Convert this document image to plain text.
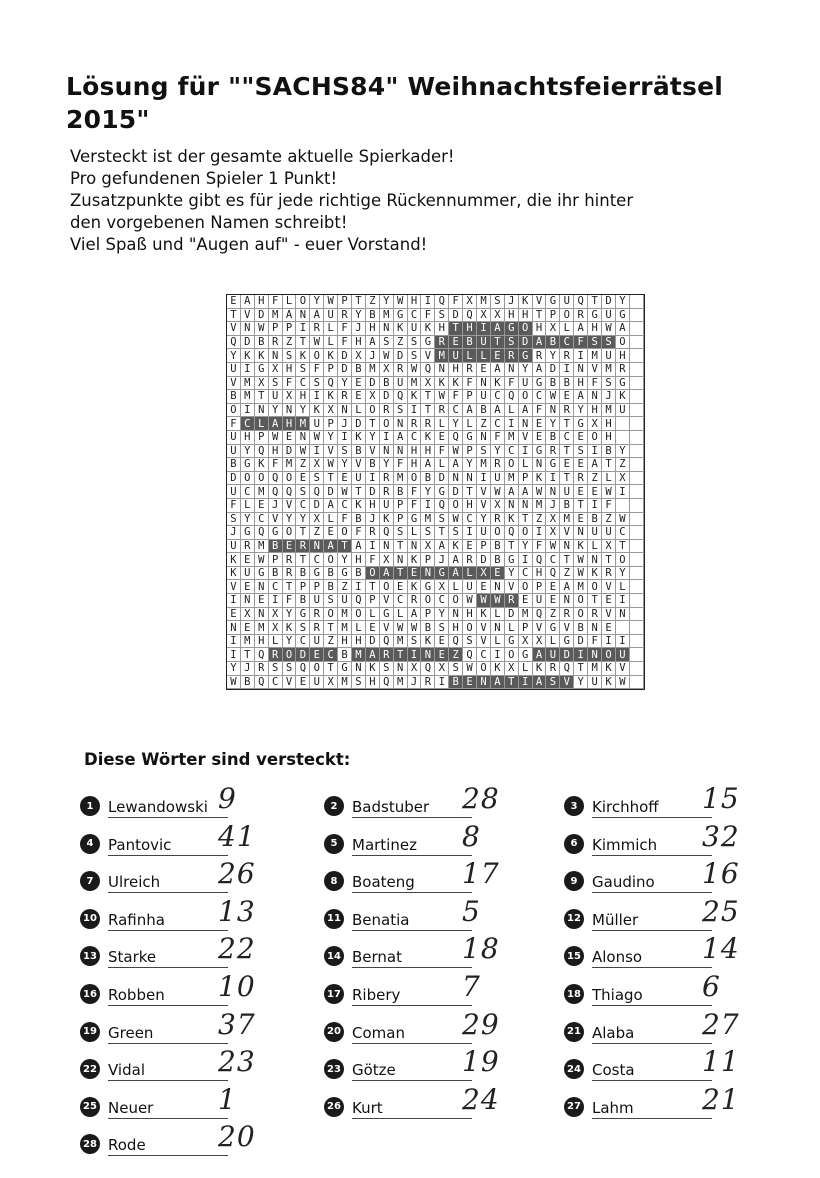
Lösung für ""SACHS84" Weihnachtsfeierrätsel 2015"
Versteckt ist der gesamte aktuelle Spierkader!
Pro gefundenen Spieler 1 Punkt!
Zusatzpunkte gibt es für jede richtige Rückennummer, die ihr hinter
den vorgebenen Namen schreibt!
Viel Spaß und "Augen auf" - euer Vorstand!
E A H F L O Y W P T Z Y W H I Q F X M S J K V G U Q T D Y
T V D M A N A U R Y B M G C F S D Q X X H H T P O R G U G
V N W P P I R L F J H N K U K H T H I A G O H X L A H W A
Q D B R Z T W L F H A S Z S G R E B U T S D A B C F S S O
Y K K N S K O K D X J W D S V M U L L E R G R Y R I M U H
U I G X H S F P D B M X R W Q N H R E A N Y A D I N V M R
V M X S F C S Q Y E D B U M X K K F N K F U G B B H F S G
B M T U X H I K R E X D Q K T W F P U C Q O C W E A N J K
O I N Y N Y K X N L O R S I T R C A B A L A F N R Y H M U
F C L A H M U P J D T O N R R L Y L Z C I N E Y T G X H
U H P W E N W Y I K Y I A C K E Q G N F M V E B C E O H
U Y Q H D W I V S B V N N H H F W P S Y C I G R T S I B Y
B G K F M Z X W Y V B Y F H A L A Y M R O L N G E E A T Z
D O O Q O E S T E U I R M O B D N N I U M P K I T R Z L X
U C M Q Q S Q D W T D R B F Y G D T V W A A W N U E E W I
F L E J V C D A C K H U P F I Q O H V X N N M J B T I F
S Y C V Y Y X L F B J K P G M S W C Y R K T Z X M E B Z W
J G Q G O T Z E O F R Q S L S T S I U O Q O I X V N U U C
U R M B E R N A T A I N T N X A K E P B T Y F W N K L X T
K E W P R T C O Y H F X N K P J A R D B G I Q C T W N T O
K U G B R B G B G B O A T E N G A L X E Y C H Q Z W K R Y
V E N C T P P B Z I T O E K G X L U E N V O P E A M O V L
I N E I F B U S U Q P V C R O C O W W W R E U E N O T E I
E X N X Y G R O M O L G L A P Y N H K L D M Q Z R O R V N
N E M X K S R T M L E V W W B S H O V N L P V G V B N E
I M H L Y C U Z H H D Q M S K E Q S V L G X X L G D F I I
I T Q R O D E C B M A R T I N E Z Q C I O G A U D I N O U
Y J R S S Q O T G N K S N X Q X S W O K X L K R Q T M K V
W B Q C V E U X M S H Q M J R I B E N A T I A S V Y U K W
Diese Wörter sind versteckt:
1 Lewandowski 9	2 Badstuber 28	3 Kirchhoff 15
4 Pantovic 41	5 Martinez 8	6 Kimmich 32
7 Ulreich 26	8 Boateng 17	9 Gaudino 16
10 Rafinha 13	11 Benatia 5	12 Müller 25
13 Starke 22	14 Bernat 18	15 Alonso 14
16 Robben 10	17 Ribery 7	18 Thiago 6
19 Green 37	20 Coman 29	21 Alaba 27
22 Vidal	23	23 Götze 19	24 Costa 11
25 Neuer 1	26 Kurt	24	27 Lahm 21
28 Rode	20
